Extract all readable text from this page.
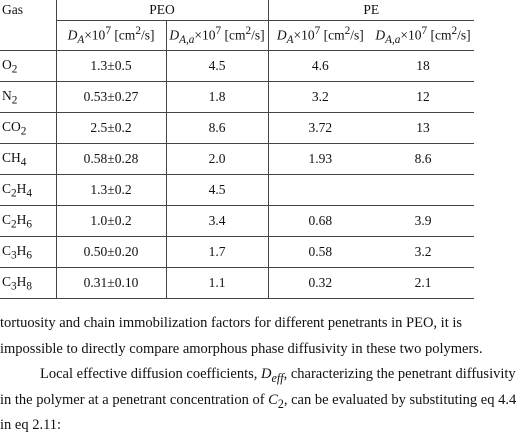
Gas	PEO		PE	
	$D_A\times 10^7$ $[cm^2/s]$	$D_{A,a}\times 10^7$ $[cm^2/s]$	$D_A\times 10^7$ $[cm^2/s]$	$D_{A,a}\times 10^7$ $[cm^2/s]$
$O_2$	1.3±0.5	4.5	4.6	18
$N_2$	0.53±0.27	1.8	3.2	12
$CO_2$	2.5±0.2	8.6	3.72	13
$CH_4$	0.58±0.28	2.0	1.93	8.6
$C_2H_4$	1.3±0.2	4.5		
$C_2H_6$	1.0±0.2	3.4	0.68	3.9
$C_3H_6$	0.50±0.20	1.7	0.58	3.2
$C_3H_8$	0.31±0.10	1.1	0.32	2.1
tortuosity and chain immobilization factors for different penetrants in PEO, it is
impossible to directly compare amorphous phase diffusivity in these two polymers.
Local effective diffusion coefficients, $D_{eff}$, characterizing the penetrant diffusivity
in the polymer at a penetrant concentration of $C_2$, can be evaluated by substituting eq 4.4
in eq 2.11:
